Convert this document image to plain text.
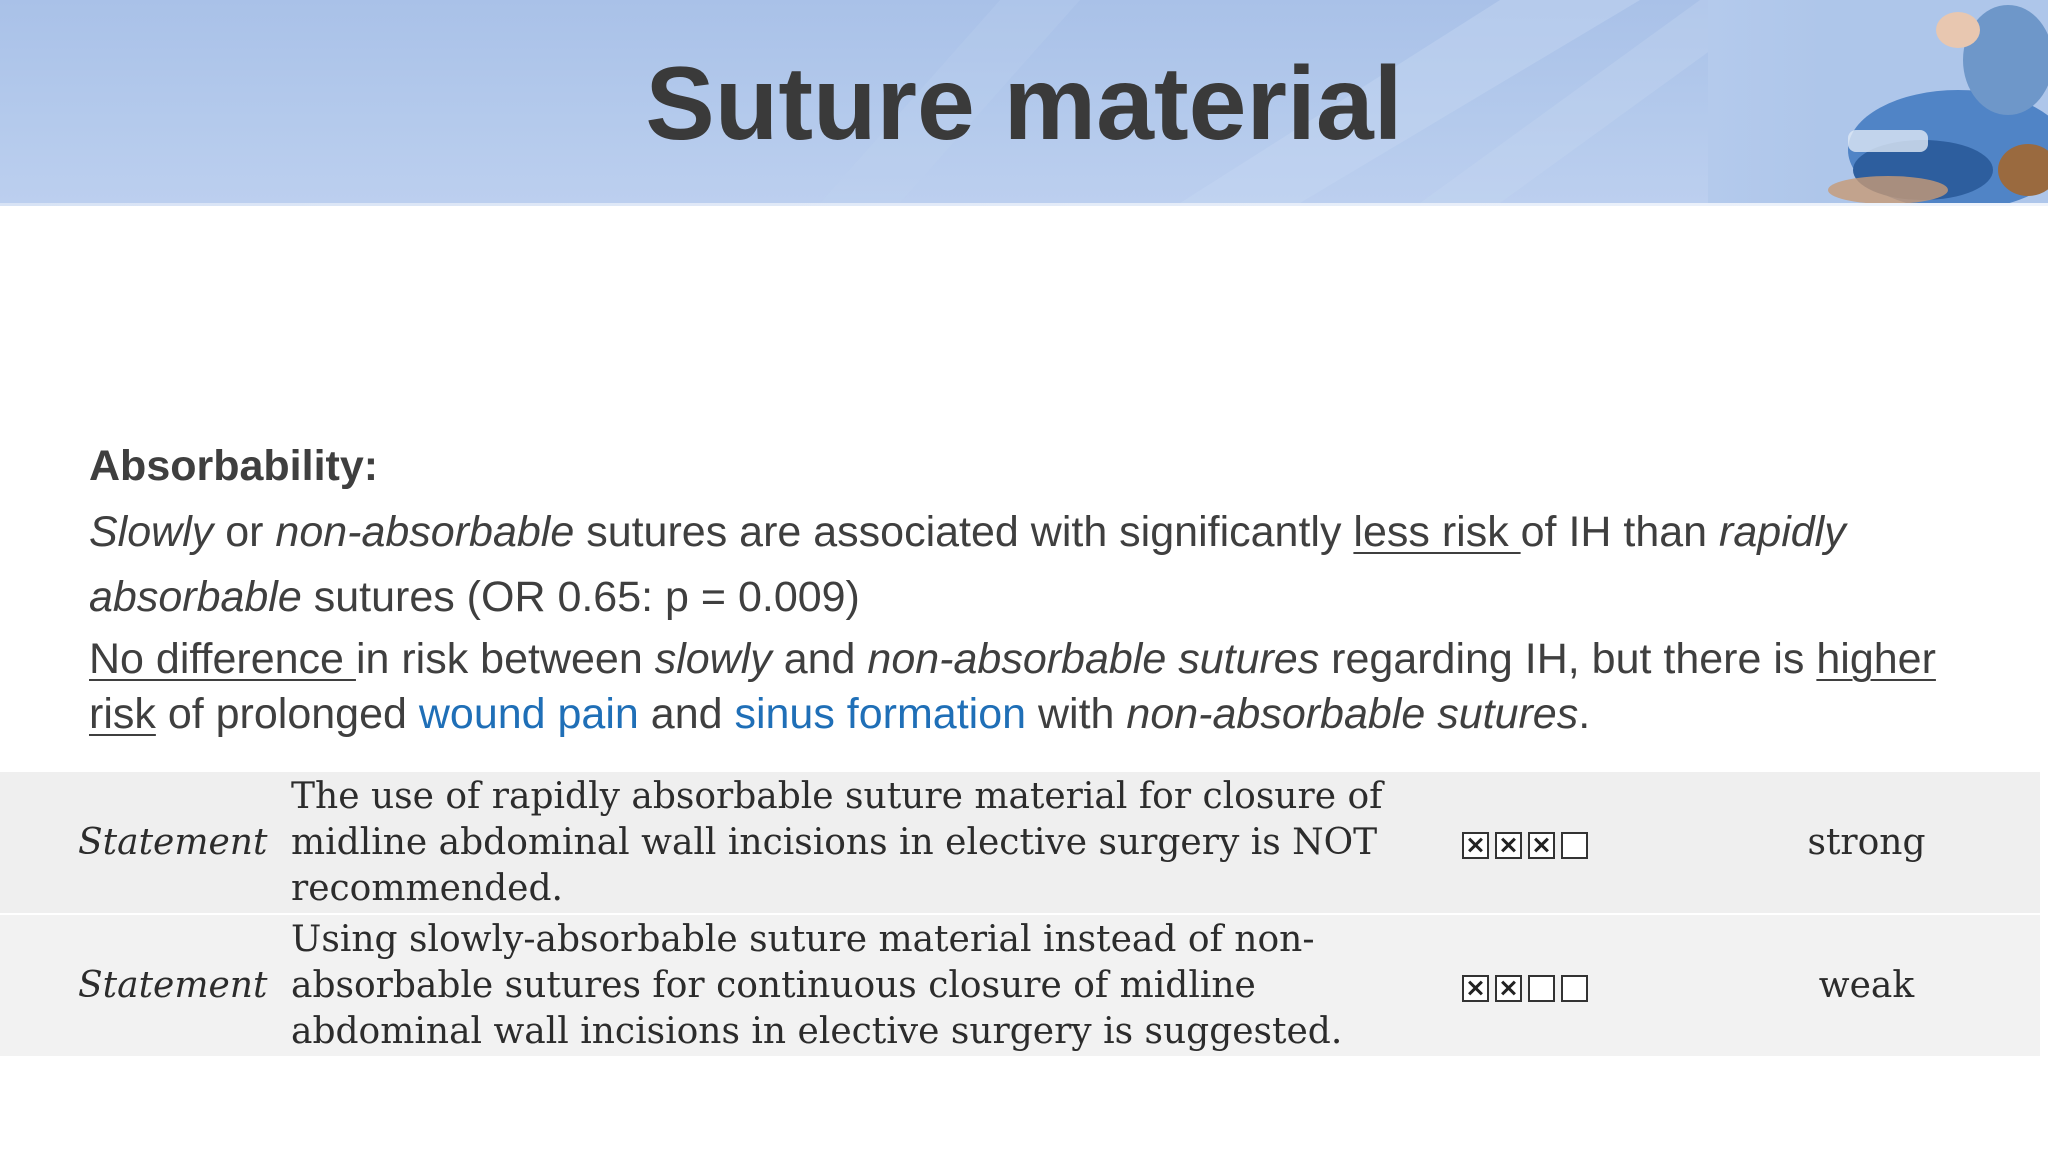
Suture material

Absorbability:

Slowly or non-absorbable sutures are associated with significantly less risk of IH than rapidly absorbable sutures (OR 0.65: p = 0.009)

No difference in risk between slowly and non-absorbable sutures regarding IH, but there is higher risk of prolonged wound pain and sinus formation with non-absorbable sutures.

Statement	The use of rapidly absorbable suture material for closure of midline abdominal wall incisions in elective surgery is NOT recommended.		strong
Statement	Using slowly-absorbable suture material instead of non-absorbable sutures for continuous closure of midline abdominal wall incisions in elective surgery is suggested.		weak
